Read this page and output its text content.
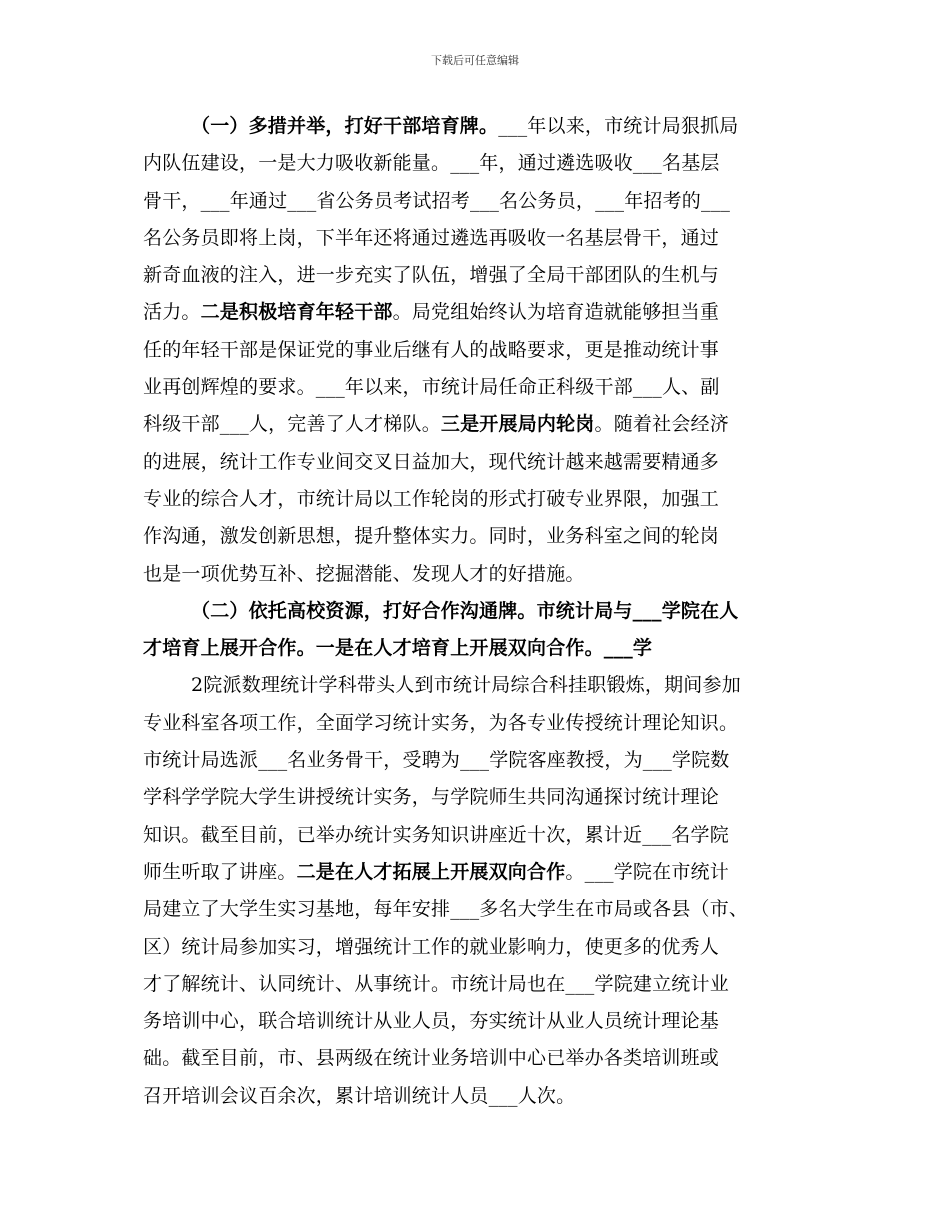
下载后可任意编辑
（一）多措并举，打好干部培育牌。___年以来，市统计局狠抓局
内队伍建设，一是大力吸收新能量。___年，通过遴选吸收___名基层
骨干，___年通过___省公务员考试招考___名公务员，___年招考的___
名公务员即将上岗，下半年还将通过遴选再吸收一名基层骨干，通过
新奇血液的注入，进一步充实了队伍，增强了全局干部团队的生机与
活力。二是积极培育年轻干部。局党组始终认为培育造就能够担当重
任的年轻干部是保证党的事业后继有人的战略要求，更是推动统计事
业再创辉煌的要求。___年以来，市统计局任命正科级干部___人、副
科级干部___人，完善了人才梯队。三是开展局内轮岗。随着社会经济
的进展，统计工作专业间交叉日益加大，现代统计越来越需要精通多
专业的综合人才，市统计局以工作轮岗的形式打破专业界限，加强工
作沟通，激发创新思想，提升整体实力。同时，业务科室之间的轮岗
也是一项优势互补、挖掘潜能、发现人才的好措施。
（二）依托高校资源，打好合作沟通牌。市统计局与___学院在人
才培育上展开合作。一是在人才培育上开展双向合作。___学
2院派数理统计学科带头人到市统计局综合科挂职锻炼，期间参加
专业科室各项工作，全面学习统计实务，为各专业传授统计理论知识。
市统计局选派___名业务骨干，受聘为___学院客座教授，为___学院数
学科学学院大学生讲授统计实务，与学院师生共同沟通探讨统计理论
知识。截至目前，已举办统计实务知识讲座近十次，累计近___名学院
师生听取了讲座。二是在人才拓展上开展双向合作。___学院在市统计
局建立了大学生实习基地，每年安排___多名大学生在市局或各县（市、
区）统计局参加实习，增强统计工作的就业影响力，使更多的优秀人
才了解统计、认同统计、从事统计。市统计局也在___学院建立统计业
务培训中心，联合培训统计从业人员，夯实统计从业人员统计理论基
础。截至目前，市、县两级在统计业务培训中心已举办各类培训班或
召开培训会议百余次，累计培训统计人员___人次。
